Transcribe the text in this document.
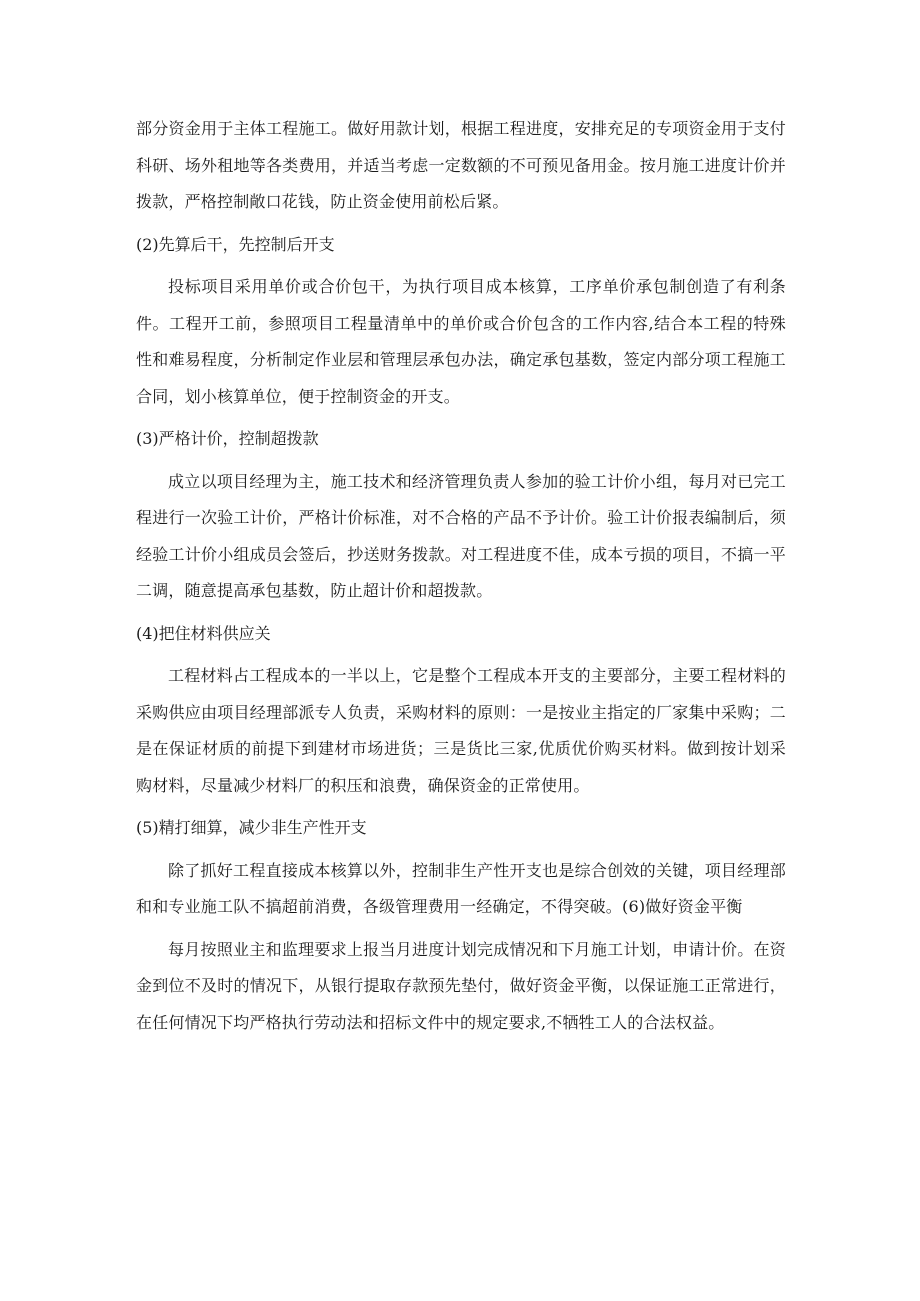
部分资金用于主体工程施工。做好用款计划，根据工程进度，安排充足的专项资金用于支付科研、场外租地等各类费用，并适当考虑一定数额的不可预见备用金。按月施工进度计价并拨款，严格控制敞口花钱，防止资金使用前松后紧。

(2)先算后干，先控制后开支

投标项目采用单价或合价包干，为执行项目成本核算，工序单价承包制创造了有利条件。工程开工前，参照项目工程量清单中的单价或合价包含的工作内容,结合本工程的特殊性和难易程度，分析制定作业层和管理层承包办法，确定承包基数，签定内部分项工程施工合同，划小核算单位，便于控制资金的开支。

(3)严格计价，控制超拨款

成立以项目经理为主，施工技术和经济管理负责人参加的验工计价小组，每月对已完工程进行一次验工计价，严格计价标准，对不合格的产品不予计价。验工计价报表编制后，须经验工计价小组成员会签后，抄送财务拨款。对工程进度不佳，成本亏损的项目，不搞一平二调，随意提高承包基数，防止超计价和超拨款。

(4)把住材料供应关

工程材料占工程成本的一半以上，它是整个工程成本开支的主要部分，主要工程材料的采购供应由项目经理部派专人负责，采购材料的原则：一是按业主指定的厂家集中采购；二是在保证材质的前提下到建材市场进货；三是货比三家,优质优价购买材料。做到按计划采购材料，尽量减少材料厂的积压和浪费，确保资金的正常使用。

(5)精打细算，减少非生产性开支

除了抓好工程直接成本核算以外，控制非生产性开支也是综合创效的关键，项目经理部和和专业施工队不搞超前消费，各级管理费用一经确定，不得突破。(6)做好资金平衡

每月按照业主和监理要求上报当月进度计划完成情况和下月施工计划，申请计价。在资金到位不及时的情况下，从银行提取存款预先垫付，做好资金平衡，以保证施工正常进行，在任何情况下均严格执行劳动法和招标文件中的规定要求,不牺牲工人的合法权益。
